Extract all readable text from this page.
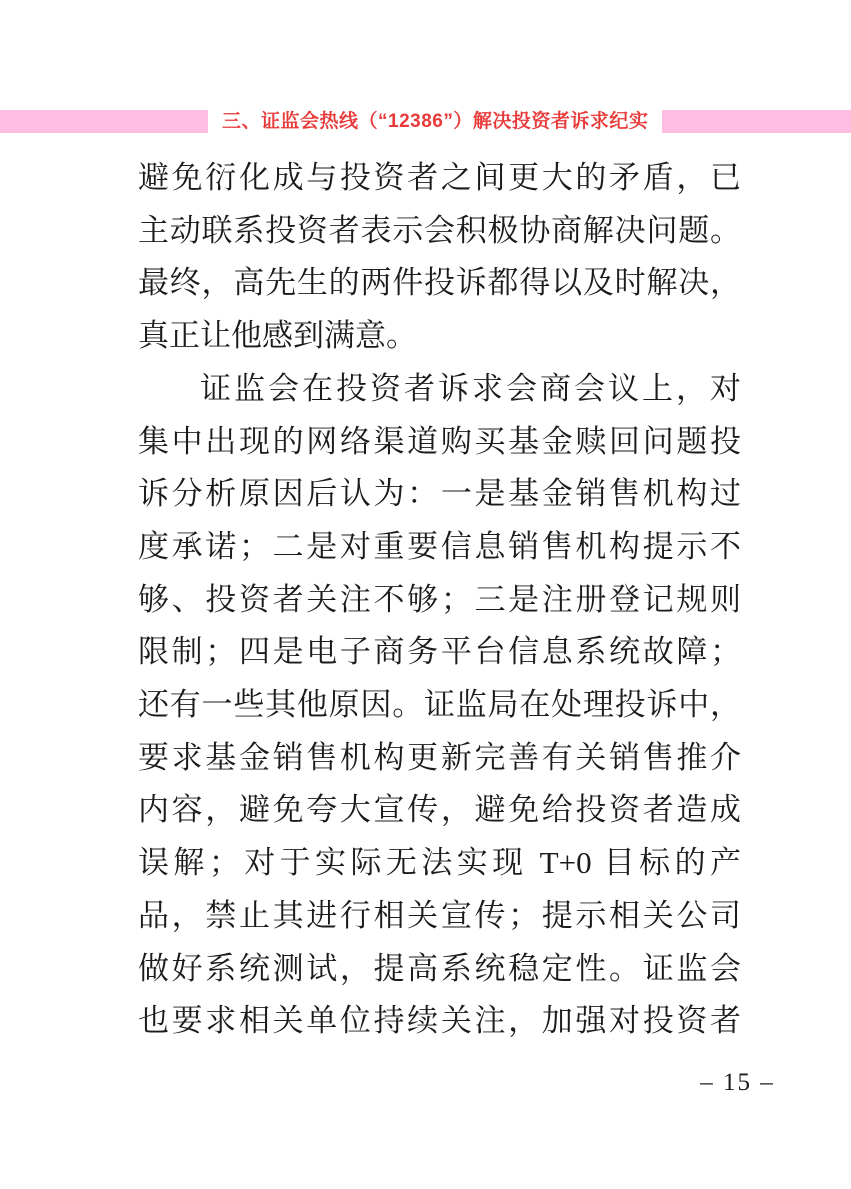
三、证监会热线（“12386”）解决投资者诉求纪实
避免衍化成与投资者之间更大的矛盾，已
主动联系投资者表示会积极协商解决问题。
最终，高先生的两件投诉都得以及时解决，
真正让他感到满意。
证监会在投资者诉求会商会议上，对
集中出现的网络渠道购买基金赎回问题投
诉分析原因后认为：一是基金销售机构过
度承诺；二是对重要信息销售机构提示不
够、投资者关注不够；三是注册登记规则
限制；四是电子商务平台信息系统故障；
还有一些其他原因。证监局在处理投诉中，
要求基金销售机构更新完善有关销售推介
内容，避免夸大宣传，避免给投资者造成
误解；对于实际无法实现 T+0 目标的产
品，禁止其进行相关宣传；提示相关公司
做好系统测试，提高系统稳定性。证监会
也要求相关单位持续关注，加强对投资者
– 15 –
